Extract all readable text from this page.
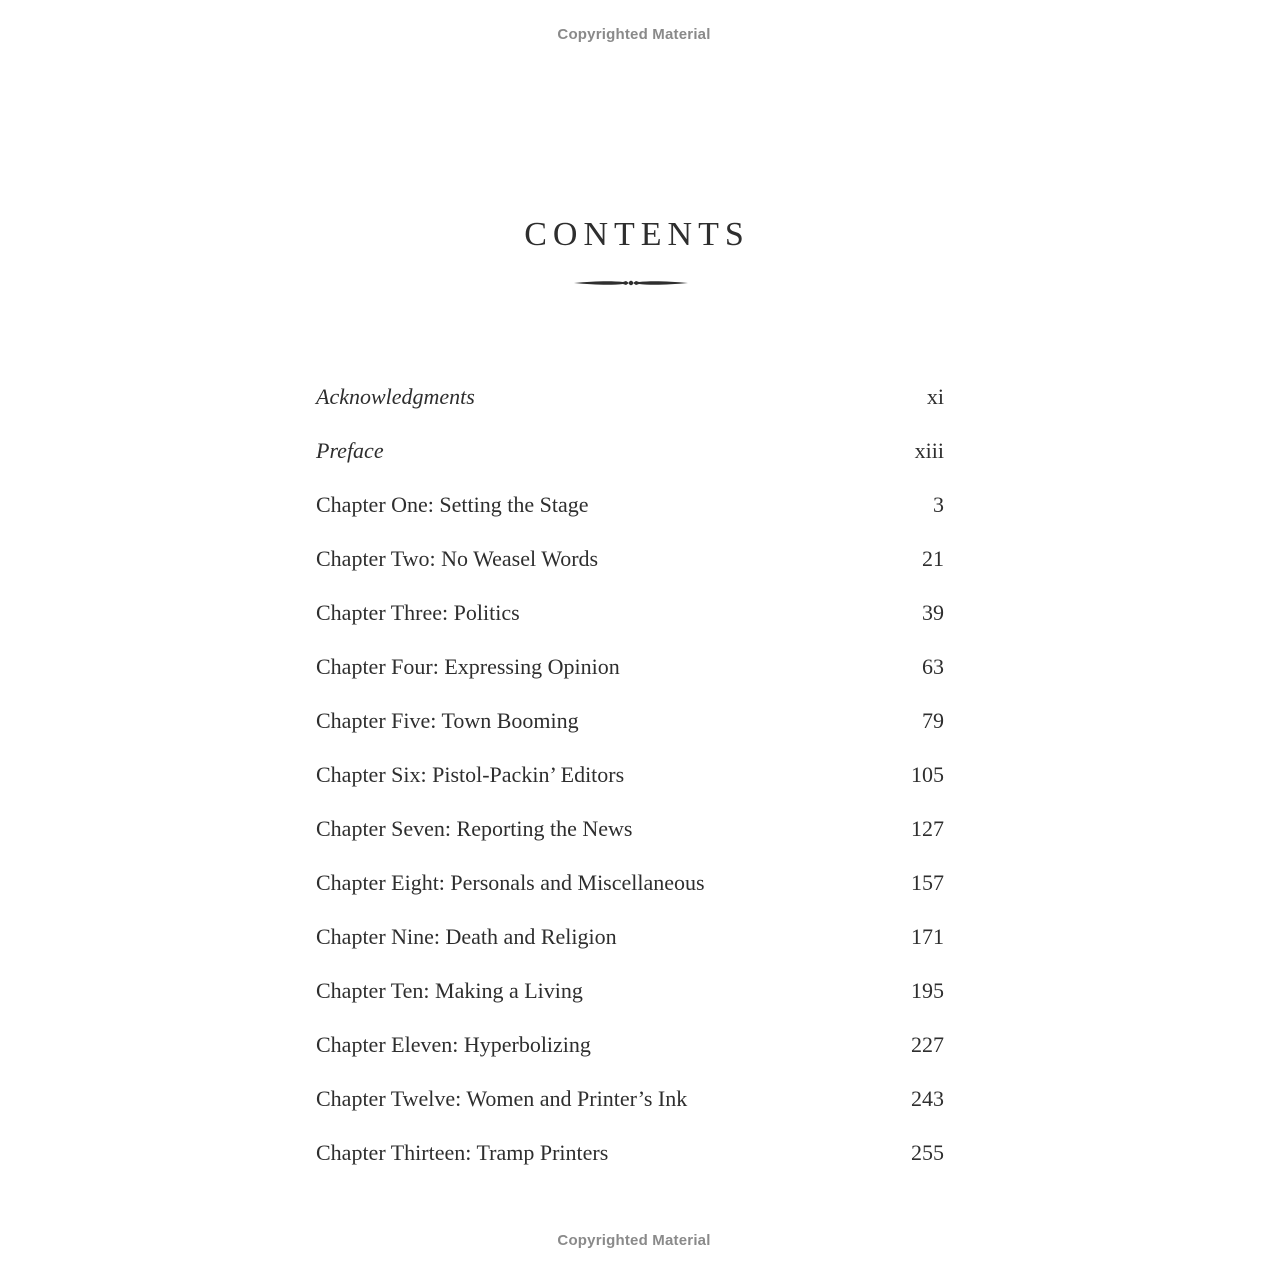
Copyrighted Material
CONTENTS
Acknowledgments	xi
Preface	xiii
Chapter One: Setting the Stage	3
Chapter Two: No Weasel Words	21
Chapter Three: Politics	39
Chapter Four: Expressing Opinion	63
Chapter Five: Town Booming	79
Chapter Six: Pistol-Packin’ Editors	105
Chapter Seven: Reporting the News	127
Chapter Eight: Personals and Miscellaneous	157
Chapter Nine: Death and Religion	171
Chapter Ten: Making a Living	195
Chapter Eleven: Hyperbolizing	227
Chapter Twelve: Women and Printer’s Ink	243
Chapter Thirteen: Tramp Printers	255
Copyrighted Material
